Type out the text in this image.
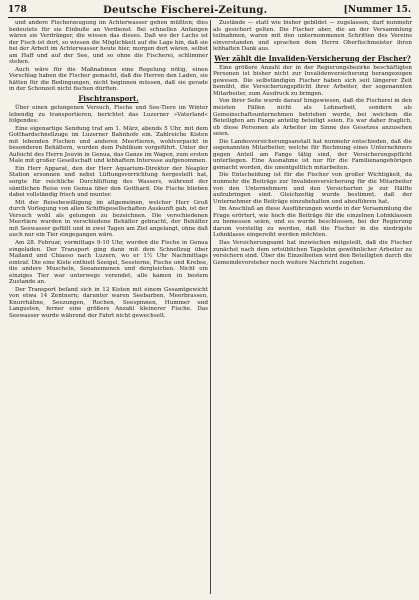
178	Deutsche Fischerei-Zeitung.	[Nummer 15.

und andere Fischerzeugung im Achterwasser gehen müßten; dies bedeutete für sie Einbuße an Verdienst. Bei schnellen Anfangen wären sie Verdränger, die wissen das dieses. Daß wo der Lachs ist der Fisch ist dort, so wiesen die Möglichkeit auf die Lage hin, daß sie bei der Arbeit im Achterwasser heute hier, morgen dort wären, selbst am Haff und auf der See, und so ohne die Fischerei, schlimmer stehen.

Auch wäre für die Maßnahmen eine Regelung nötig, einen Vorschlag haben die Fischer gemacht, daß die Herren den Laden, sie hätten für die Bedingungen, nicht beginnen müssen, daß sie gerade in der Schonzeit nicht fischen dürften.

Fischtransport.

Über einen gelungenen Versuch, Fische und See-Tiere im Winter lebendig zu transportieren, berichtet das Luzerner »Vaterland« folgendes:

Eine eigenartige Sendung traf am 1. März, abends 5 Uhr, mit dem Gotthardschnellzuge im Luzerner Bahnhofe ein. Zahlreiche Kisten mit lebenden Fischen und anderen Meertieren, wohlverpackt in besonderen Behältern, wurden dem Publikum vorgeführt. Unter der Aufsicht des Herrn Jouvin in Genua, das Ganze im Wagen, zum ersten Male mit großer Gesellschaft und lebhaftem Interesse aufgenommen.

Ein Herr Apparat, den der Herr Aquarium-Direktor der Neapler Station ersonnen und nebst Lüftungsvorrichtung hergestellt hat, sorgte für reichliche Durchlüftung des Wassers, während der sämtlichen Reise von Genua über den Gotthard. Die Fische blieben dabei vollständig frisch und munter.

Mit der Reisebewilligung im allgemeinen, welcher Herr Gruß durch Vorlegung von allen Schiffsgesellschaften Auskunft gab, ist der Versuch wohl als gelungen zu bezeichnen. Die verschiedenen Meertiere wurden in verschiedene Behälter gebracht, der Behälter mit Seewasser gefüllt und in zwei Tagen am Ziel angelangt, ohne daß auch nur ein Tier eingegangen wäre.

Am 28. Februar, vormittags 9-10 Uhr, wurden die Fische in Genua eingeladen. Der Transport ging dann mit dem Schnellzug über Mailand und Chiasso nach Luzern, wo er 1½ Uhr Nachmittags eintraf. Die eine Kiste enthielt Seeigel, Seesterne, Fische und Krebse, die andere Muscheln, Seeanemonen und dergleichen. Nicht ein einziges Tier war unterwegs verendet, alle kamen in bestem Zustande an.

Der Transport befand sich in 12 Kisten mit einem Gesamtgewicht von etwa 14 Zentnern; darunter waren Seebarben, Meerbrassen, Knurrhähne, Seezungen, Rochen, Seespinnen, Hummer und Langusten, ferner eine größere Anzahl kleinerer Fische. Das Seewasser wurde während der Fahrt nicht gewechselt.

Zustände — statt wie bisher gebildet — zugelassen, darf nunmehr als gesichert gelten. Die Fischer aber, die an der Versammlung teilnahmen, waren mit den unternommenen Schritten des Vereins einverstanden und sprachen dem Herrn Oberfischmeister ihren lebhaften Dank aus.

Wer zählt die Invaliden-Versicherung der Fischer?

Eine größere Anzahl der in der Regierungsbezirke beschäftigten Personen ist bisher nicht zur Invalidenversicherung herangezogen gewesen. Die selbständigen Fischer haben sich seit längerer Zeit bemüht, die Versicherungspflicht ihrer Arbeiter, der sogenannten Mitarbeiter, zum Ausdruck zu bringen.

Von ihrer Seite wurde darauf hingewiesen, daß die Fischerei in den meisten Fällen nicht als Lohnarbeit, sondern als Gemeinschaftsunternehmen betrieben werde, bei welchem die Beteiligten am Fange anteilig beteiligt seien. Es war daher fraglich, ob diese Personen als Arbeiter im Sinne des Gesetzes anzusehen seien.

Die Landesversicherungsanstalt hat nunmehr entschieden, daß die sogenannten Mitarbeiter, welche für Rechnung eines Unternehmers gegen Anteil am Fange tätig sind, der Versicherungspflicht unterliegen. Eine Ausnahme ist nur für die Familienangehörigen gemacht worden, die unentgeltlich mitarbeiten.

Die Entscheidung ist für die Fischer von großer Wichtigkeit, da nunmehr die Beiträge zur Invalidenversicherung für die Mitarbeiter von den Unternehmern und den Versicherten je zur Hälfte aufzubringen sind. Gleichzeitig wurde bestimmt, daß der Unternehmer die Beiträge einzubehalten und abzuführen hat.

Im Anschluß an diese Ausführungen wurde in der Versammlung die Frage erörtert, wie hoch die Beiträge für die einzelnen Lohnklassen zu bemessen seien, und es wurde beschlossen, bei der Regierung darum vorstellig zu werden, daß die Fischer in die niedrigste Lohnklasse eingereiht werden möchten.

Das Versicherungsamt hat inzwischen mitgeteilt, daß die Fischer zunächst nach dem ortsüblichen Tagelohn gewöhnlicher Arbeiter zu versichern sind. Über die Einzelheiten wird den Beteiligten durch die Gemeindevorsteher noch weitere Nachricht zugehen.
